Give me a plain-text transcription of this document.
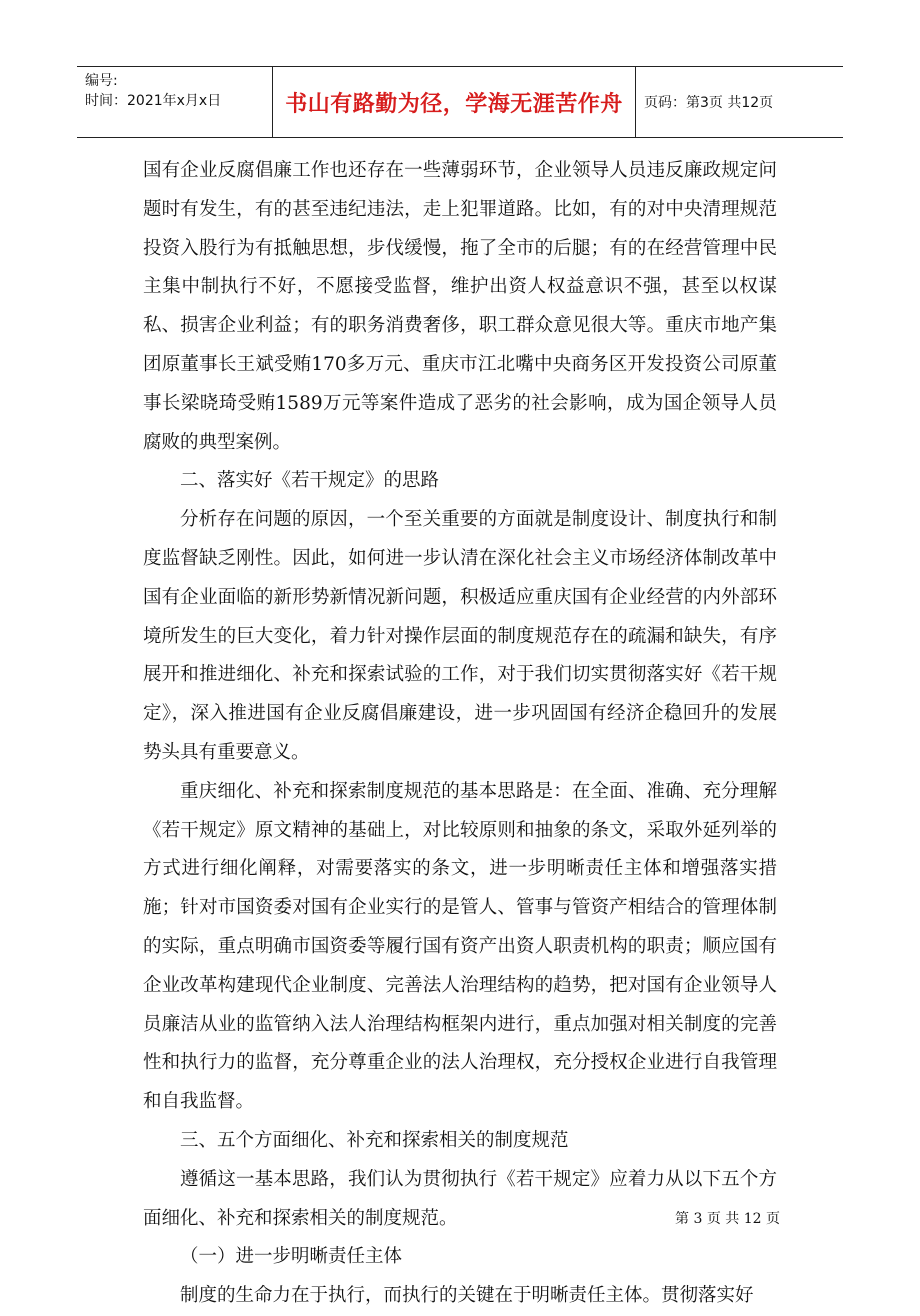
编号:
时间：2021年x月x日	书山有路勤为径，学海无涯苦作舟	页码：第3页 共12页

国有企业反腐倡廉工作也还存在一些薄弱环节，企业领导人员违反廉政规定问题时有发生，有的甚至违纪违法，走上犯罪道路。比如，有的对中央清理规范投资入股行为有抵触思想，步伐缓慢，拖了全市的后腿；有的在经营管理中民主集中制执行不好，不愿接受监督，维护出资人权益意识不强，甚至以权谋私、损害企业利益；有的职务消费奢侈，职工群众意见很大等。重庆市地产集团原董事长王斌受贿170多万元、重庆市江北嘴中央商务区开发投资公司原董事长梁晓琦受贿1589万元等案件造成了恶劣的社会影响，成为国企领导人员腐败的典型案例。

二、落实好《若干规定》的思路

分析存在问题的原因，一个至关重要的方面就是制度设计、制度执行和制度监督缺乏刚性。因此，如何进一步认清在深化社会主义市场经济体制改革中国有企业面临的新形势新情况新问题，积极适应重庆国有企业经营的内外部环境所发生的巨大变化，着力针对操作层面的制度规范存在的疏漏和缺失，有序展开和推进细化、补充和探索试验的工作，对于我们切实贯彻落实好《若干规定》，深入推进国有企业反腐倡廉建设，进一步巩固国有经济企稳回升的发展势头具有重要意义。

重庆细化、补充和探索制度规范的基本思路是：在全面、准确、充分理解《若干规定》原文精神的基础上，对比较原则和抽象的条文，采取外延列举的方式进行细化阐释，对需要落实的条文，进一步明晰责任主体和增强落实措施；针对市国资委对国有企业实行的是管人、管事与管资产相结合的管理体制的实际，重点明确市国资委等履行国有资产出资人职责机构的职责；顺应国有企业改革构建现代企业制度、完善法人治理结构的趋势，把对国有企业领导人员廉洁从业的监管纳入法人治理结构框架内进行，重点加强对相关制度的完善性和执行力的监督，充分尊重企业的法人治理权，充分授权企业进行自我管理和自我监督。

三、五个方面细化、补充和探索相关的制度规范

遵循这一基本思路，我们认为贯彻执行《若干规定》应着力从以下五个方面细化、补充和探索相关的制度规范。

（一）进一步明晰责任主体

制度的生命力在于执行，而执行的关键在于明晰责任主体。贯彻落实好

第 3 页 共 12 页
